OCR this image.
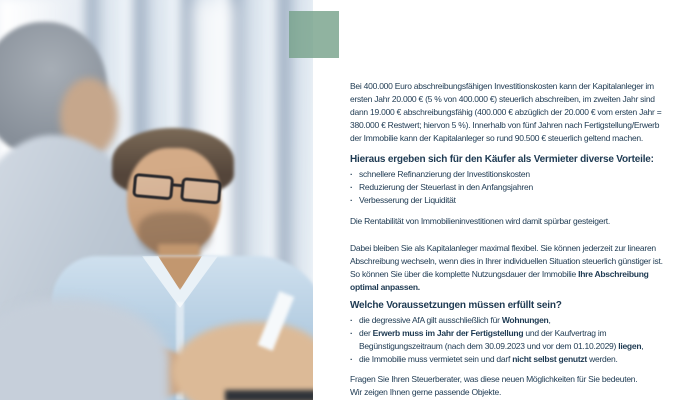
Bei 400.000 Euro abschreibungsfähigen Investitionskosten kann der Kapitalanleger im ersten Jahr 20.000 € (5 % von 400.000 €) steuerlich abschreiben, im zweiten Jahr sind dann 19.000 € abschreibungsfähig (400.000 € abzüglich der 20.000 € vom ersten Jahr = 380.000 € Restwert; hiervon 5 %). Innerhalb von fünf Jahren nach Fertigstellung/Erwerb der Immobilie kann der Kapitalanleger so rund 90.500 € steuerlich geltend machen.

Hieraus ergeben sich für den Käufer als Vermieter diverse Vorteile:
· schnellere Refinanzierung der Investitionskosten
· Reduzierung der Steuerlast in den Anfangsjahren
· Verbesserung der Liquidität

Die Rentabilität von Immobilieninvestitionen wird damit spürbar gesteigert.

Dabei bleiben Sie als Kapitalanleger maximal flexibel. Sie können jederzeit zur linearen Abschreibung wechseln, wenn dies in Ihrer individuellen Situation steuerlich günstiger ist. So können Sie über die komplette Nutzungsdauer der Immobilie Ihre Abschreibung optimal anpassen.

Welche Voraussetzungen müssen erfüllt sein?
· die degressive AfA gilt ausschließlich für Wohnungen,
· der Erwerb muss im Jahr der Fertigstellung und der Kaufvertrag im Begünstigungszeitraum (nach dem 30.09.2023 und vor dem 01.10.2029) liegen,
· die Immobilie muss vermietet sein und darf nicht selbst genutzt werden.

Fragen Sie Ihren Steuerberater, was diese neuen Möglichkeiten für Sie bedeuten.
Wir zeigen Ihnen gerne passende Objekte.
